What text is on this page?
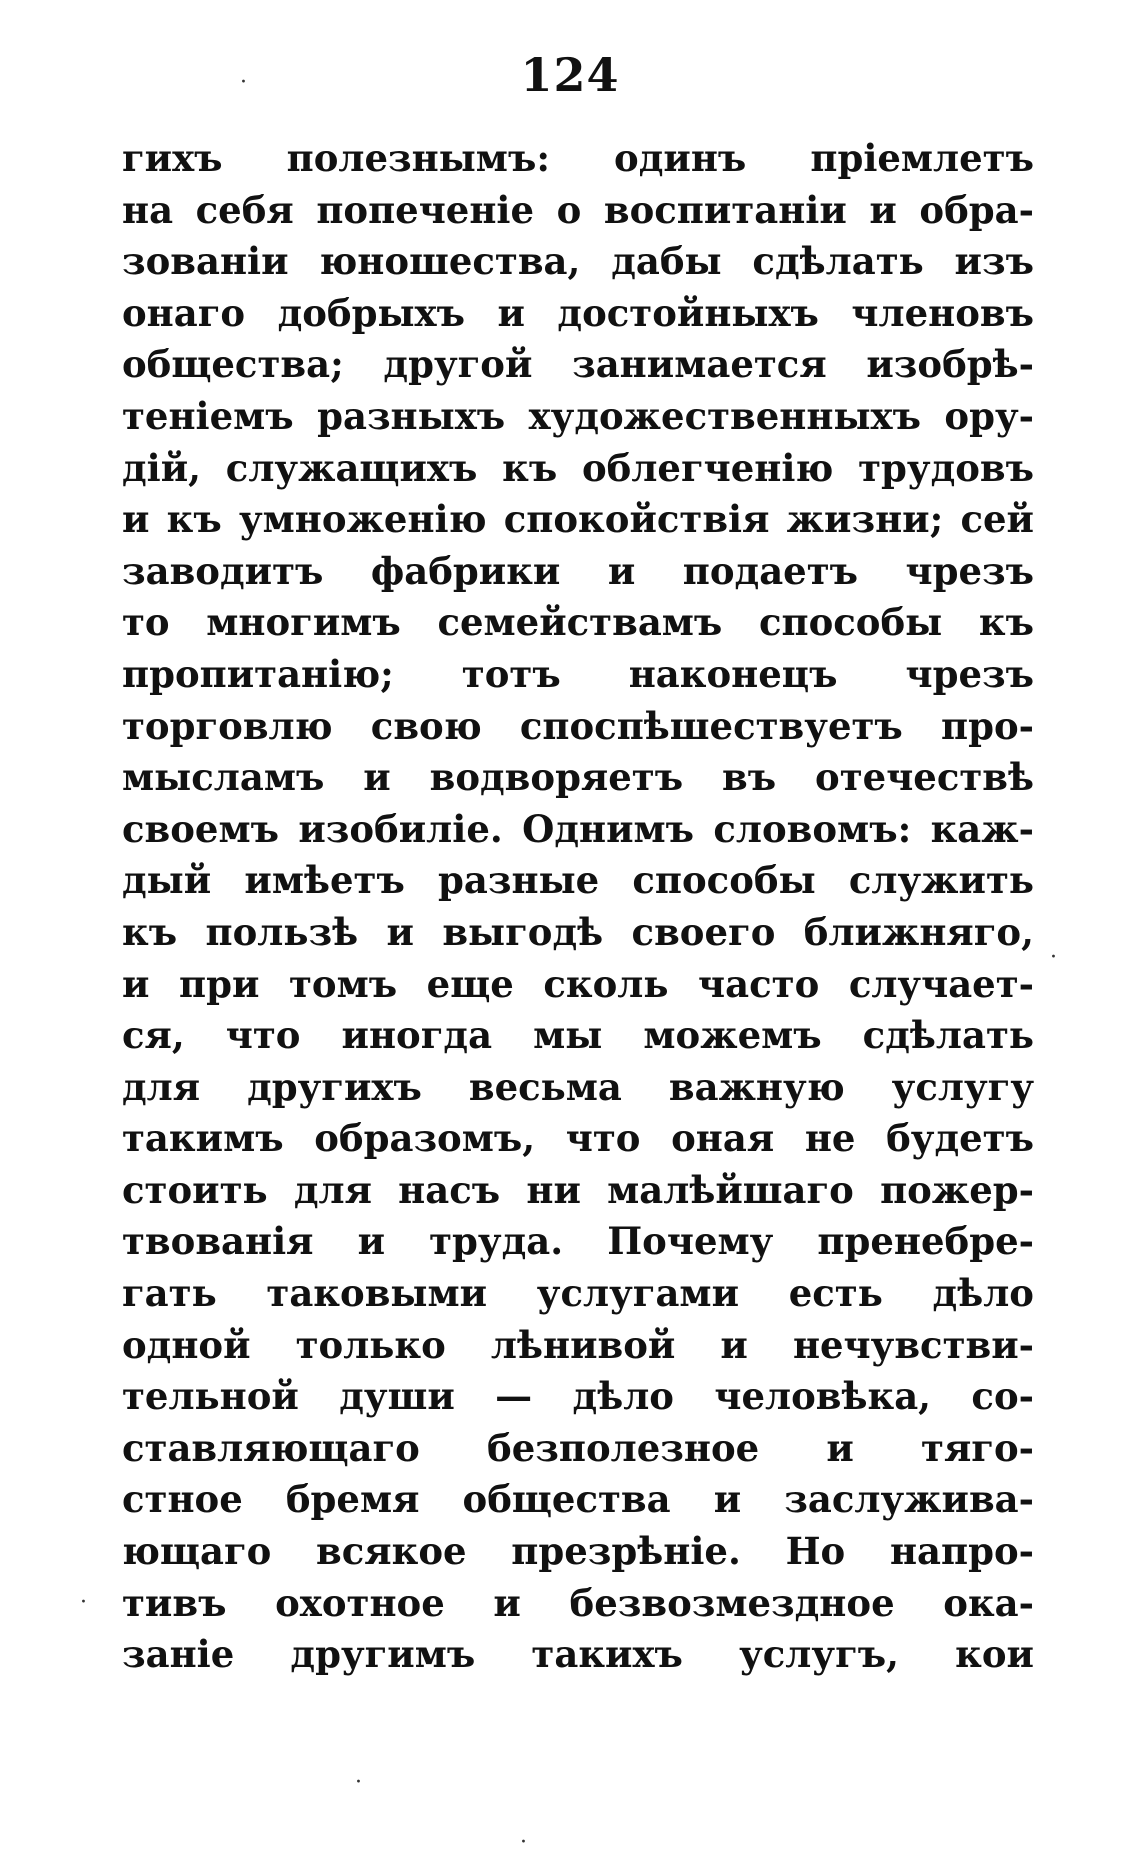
124
гихъ полезнымъ: одинъ пріемлетъ
на себя попеченіе о воспитаніи и обра-
зованіи юношества, дабы сдѣлать изъ
онаго добрыхъ и достойныхъ членовъ
общества; другой занимается изобрѣ-
теніемъ разныхъ художественныхъ ору-
дій, служащихъ къ облегченію трудовъ
и къ умноженію спокойствія жизни; сей
заводитъ фабрики и подаетъ чрезъ
то многимъ семействамъ способы къ
пропитанію; тотъ наконецъ чрезъ
торговлю свою споспѣшествуетъ про-
мысламъ и водворяетъ въ отечествѣ
своемъ изобиліе. Однимъ словомъ: каж-
дый имѣетъ разные способы служить
къ пользѣ и выгодѣ своего ближняго,
и при томъ еще сколь часто случает-
ся, что иногда мы можемъ сдѣлать
для другихъ весьма важную услугу
такимъ образомъ, что оная не будетъ
стоить для насъ ни малѣйшаго пожер-
твованія и труда. Почему пренебре-
гать таковыми услугами есть дѣло
одной только лѣнивой и нечувстви-
тельной души — дѣло человѣка, со-
ставляющаго безполезное и тяго-
стное бремя общества и заслужива-
ющаго всякое презрѣніе. Но напро-
тивъ охотное и безвозмездное ока-
заніе другимъ такихъ услугъ, кои
·
·
·
·
·
